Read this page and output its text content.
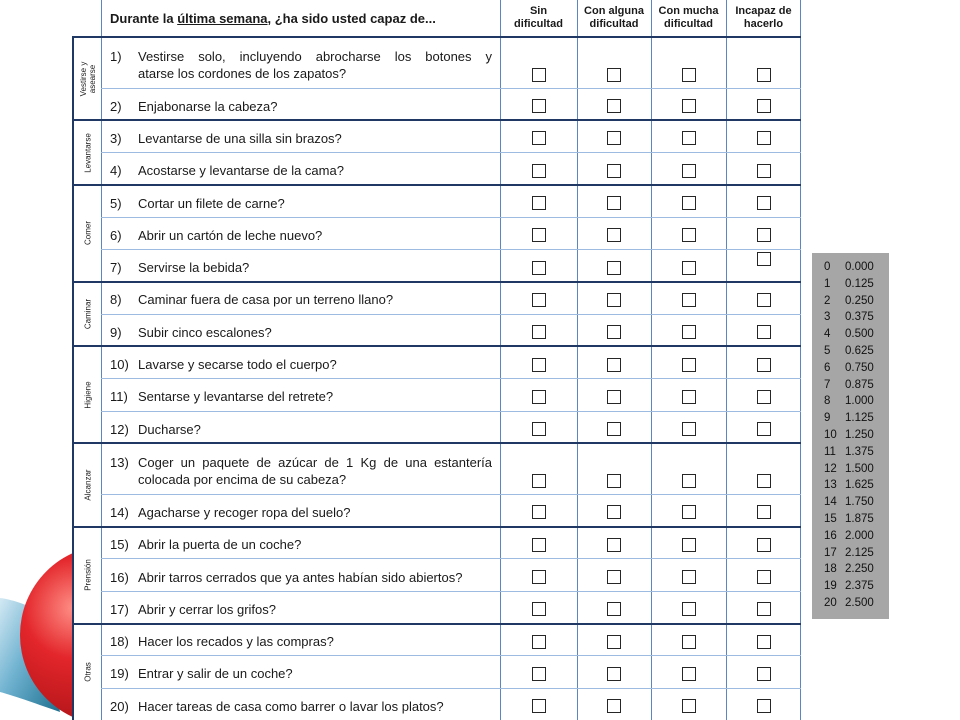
Durante la última semana, ¿ha sido usted capaz de...	Sin
dificultad
Con alguna
dificultad
Con mucha
dificultad
Incapaz de
hacerlo
1) Vestirse solo, incluyendo abrocharse los botones y
atarse los cordones de los zapatos?
2) Enjabonarse la cabeza?
Vestirse y asearse
3) Levantarse de una silla sin brazos?
4) Acostarse y levantarse de la cama?
Levantarse
5) Cortar un filete de carne?
6) Abrir un cartón de leche nuevo?
7) Servirse la bebida?
Comer
8) Caminar fuera de casa por un terreno llano?
9) Subir cinco escalones?
Caminar
10) Lavarse y secarse todo el cuerpo?
11) Sentarse y levantarse del retrete?
12) Ducharse?
Higiene
13) Coger un paquete de azúcar de 1 Kg de una estantería
colocada por encima de su cabeza?
14) Agacharse y recoger ropa del suelo?
Alcanzar
15) Abrir la puerta de un coche?
16) Abrir tarros cerrados que ya antes habían sido abiertos?
17) Abrir y cerrar los grifos?
Prensión
18) Hacer los recados y las compras?
19) Entrar y salir de un coche?
20) Hacer tareas de casa como barrer o lavar los platos?
Otras
0 0.000
1 0.125
2 0.250
3 0.375
4 0.500
5 0.625
6 0.750
7 0.875
8 1.000
9 1.125
10 1.250
11 1.375
12 1.500
13 1.625
14 1.750
15 1.875
16 2.000
17 2.125
18 2.250
19 2.375
20 2.500
